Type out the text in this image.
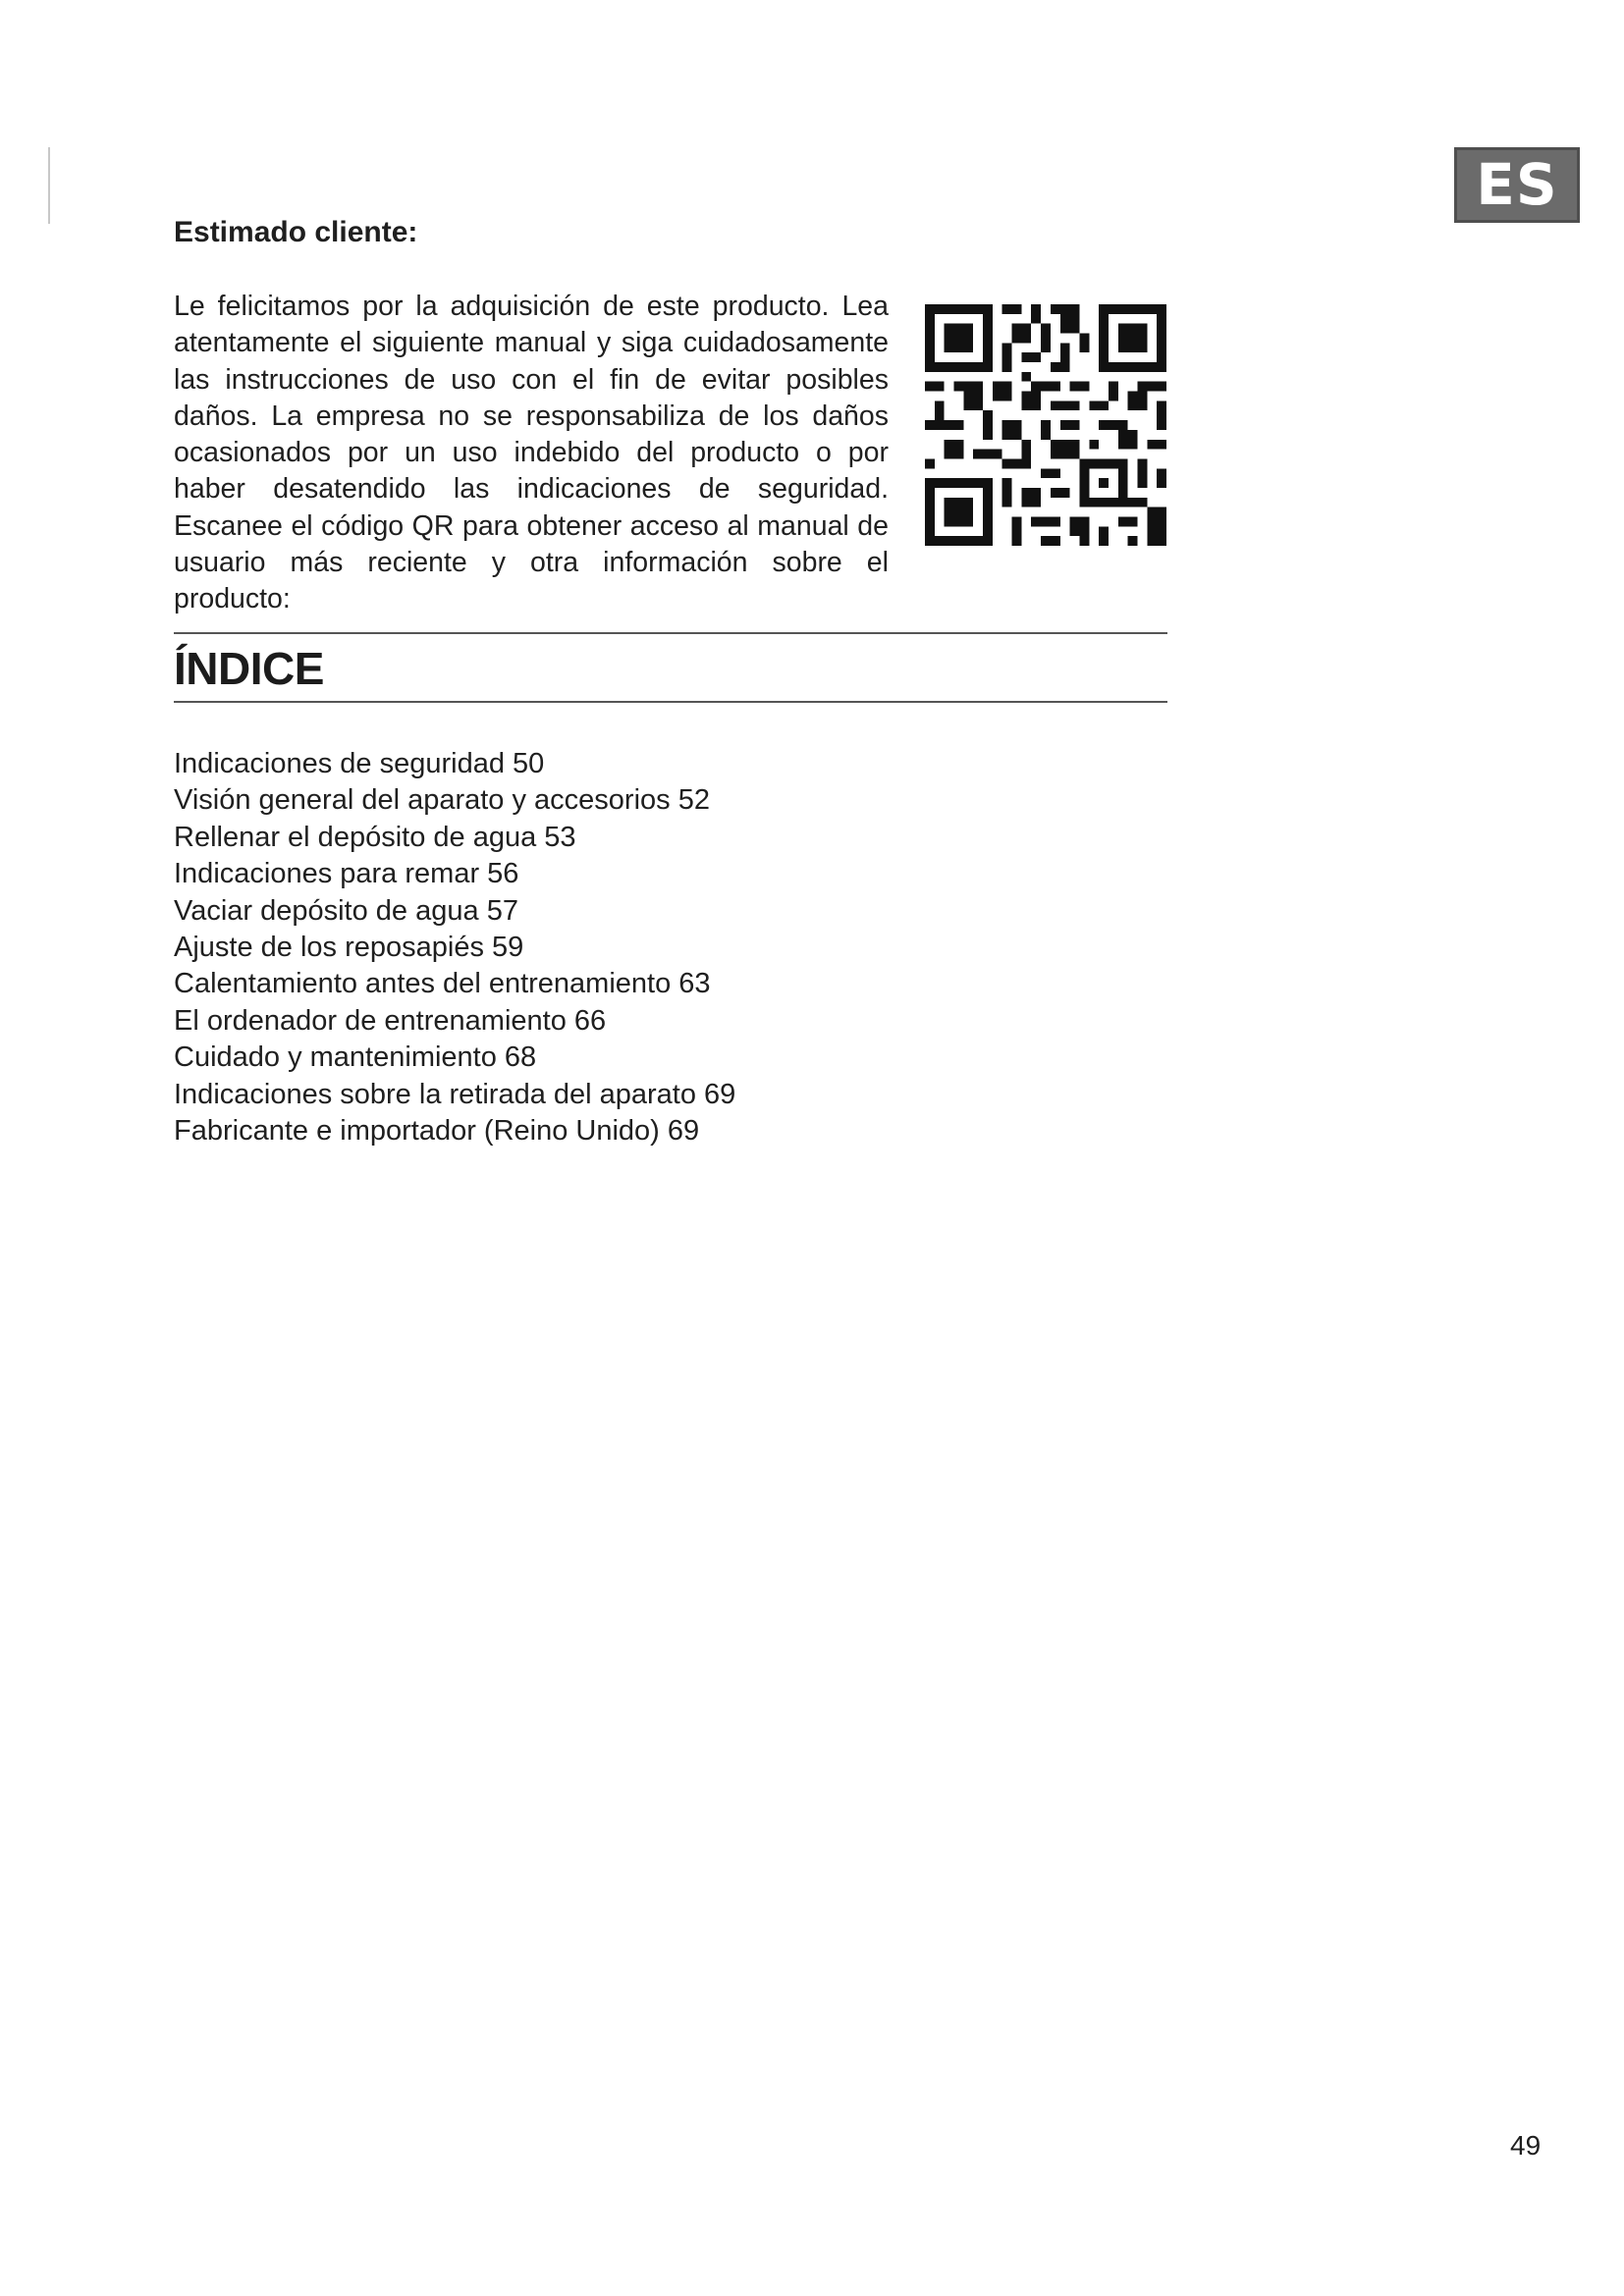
ES
Estimado cliente:

Le felicitamos por la adquisición de este producto. Lea atentamente el siguiente manual y siga cuidadosamente las instrucciones de uso con el fin de evitar posibles daños. La empresa no se responsabiliza de los daños ocasionados por un uso indebido del producto o por haber desatendido las indicaciones de seguridad. Escanee el código QR para obtener acceso al manual de usuario más reciente y otra información sobre el producto:

ÍNDICE
Indicaciones de seguridad 50
Visión general del aparato y accesorios 52
Rellenar el depósito de agua 53
Indicaciones para remar 56
Vaciar depósito de agua 57
Ajuste de los reposapiés 59
Calentamiento antes del entrenamiento 63
El ordenador de entrenamiento 66
Cuidado y mantenimiento 68
Indicaciones sobre la retirada del aparato 69
Fabricante e importador (Reino Unido) 69
49
